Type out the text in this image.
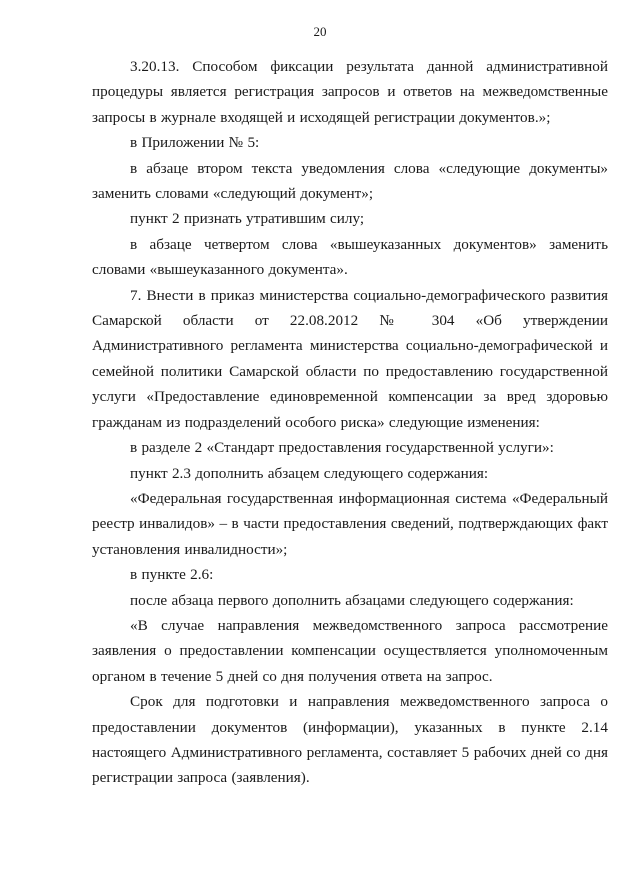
20

3.20.13. Способом фиксации результата данной административной процедуры является регистрация запросов и ответов на межведомственные запросы в журнале входящей и исходящей регистрации документов.»;

в Приложении № 5:

в абзаце втором текста уведомления слова «следующие документы» заменить словами «следующий документ»;

пункт 2 признать утратившим силу;

в абзаце четвертом слова «вышеуказанных документов» заменить словами «вышеуказанного документа».

7. Внести в приказ министерства социально-демографического развития Самарской области от 22.08.2012 № 304 «Об утверждении Административного регламента министерства социально-демографической и семейной политики Самарской области по предоставлению государственной услуги «Предоставление единовременной компенсации за вред здоровью гражданам из подразделений особого риска» следующие изменения:

в разделе 2 «Стандарт предоставления государственной услуги»:

пункт 2.3 дополнить абзацем следующего содержания:

«Федеральная государственная информационная система «Федеральный реестр инвалидов» – в части предоставления сведений, подтверждающих факт установления инвалидности»;

в пункте 2.6:

после абзаца первого дополнить абзацами следующего содержания:

«В случае направления межведомственного запроса рассмотрение заявления о предоставлении компенсации осуществляется уполномоченным органом в течение 5 дней со дня получения ответа на запрос.

Срок для подготовки и направления межведомственного запроса о предоставлении документов (информации), указанных в пункте 2.14 настоящего Административного регламента, составляет 5 рабочих дней со дня регистрации запроса (заявления).
